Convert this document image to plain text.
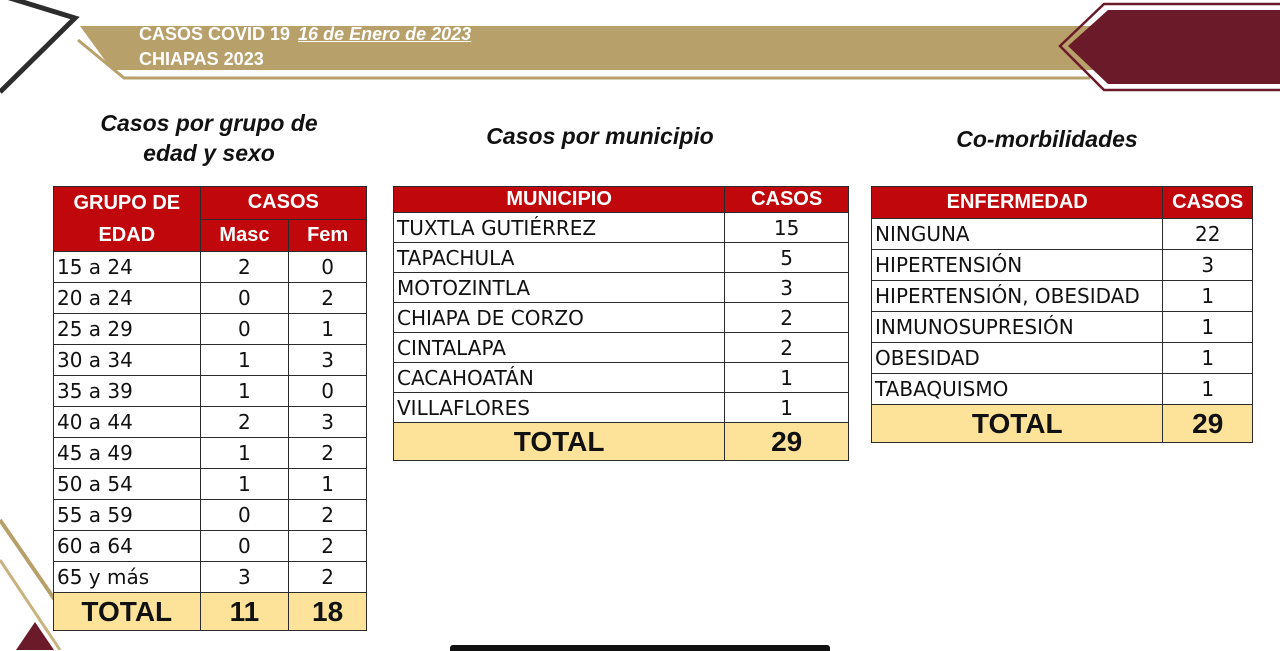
CASOS COVID 19 16 de Enero de 2023
CHIAPAS 2023
Casos por grupo de
edad y sexo
Casos por municipio	Co-morbilidades
GRUPO DE EDAD	CASOS	
	Masc	Fem
15 a 24	2	0
20 a 24	0	2
25 a 29	0	1
30 a 34	1	3
35 a 39	1	0
40 a 44	2	3
45 a 49	1	2
50 a 54	1	1
55 a 59	0	2
60 a 64	0	2
65 y más	3	2
TOTAL	11	18
MUNICIPIO	CASOS
TUXTLA GUTIÉRREZ	15
TAPACHULA	5
MOTOZINTLA	3
CHIAPA DE CORZO	2
CINTALAPA	2
CACAHOATÁN	1
VILLAFLORES	1
TOTAL	29
ENFERMEDAD	CASOS
NINGUNA	22
HIPERTENSIÓN	3
HIPERTENSIÓN, OBESIDAD	1
INMUNOSUPRESIÓN	1
OBESIDAD	1
TABAQUISMO	1
TOTAL	29
